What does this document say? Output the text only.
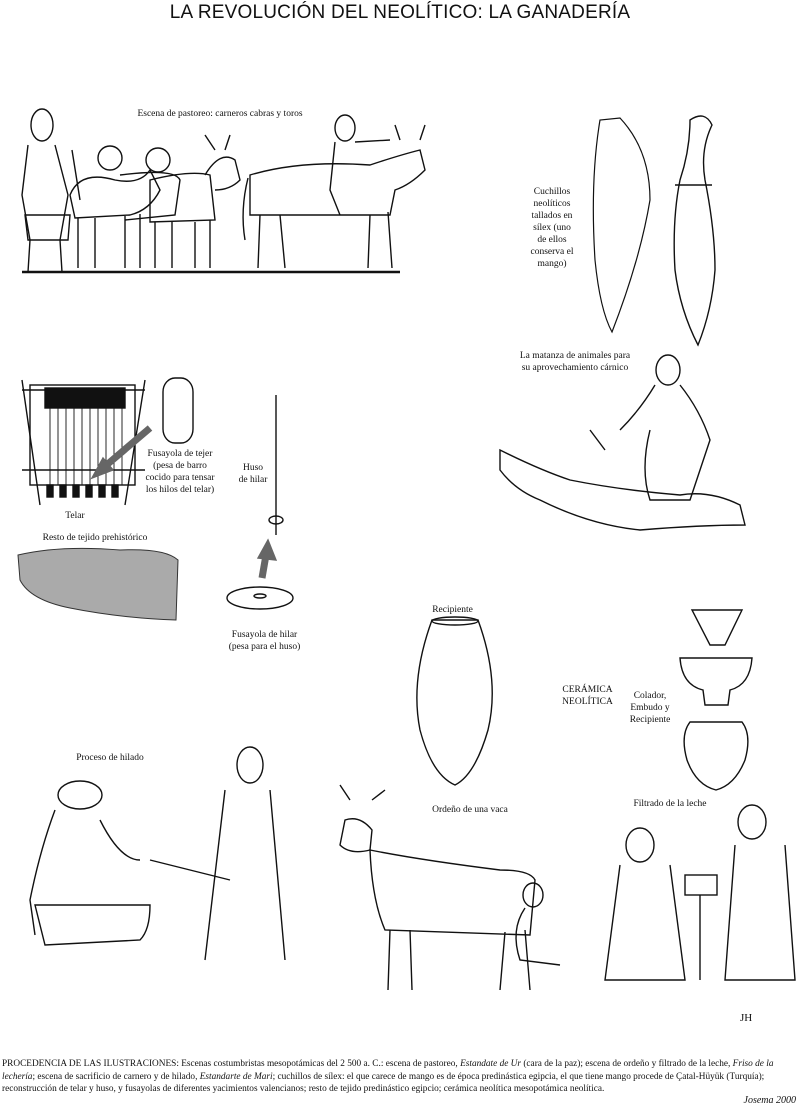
LA REVOLUCIÓN DEL NEOLÍTICO: LA GANADERÍA
Escena de pastoreo: carneros cabras y toros
Cuchillos neolíticos tallados en sílex (uno de ellos conserva el mango)
La matanza de animales para su aprovechamiento cárnico
Fusayola de tejer (pesa de barro cocido para tensar los hilos del telar)
Huso de hilar
Telar
Resto de tejido prehistórico
Fusayola de hilar (pesa para el huso)
Recipiente
CERÁMICA NEOLÍTICA
Colador, Embudo y Recipiente
Proceso de hilado
Ordeño de una vaca
Filtrado de la leche
JH
PROCEDENCIA DE LAS ILUSTRACIONES: Escenas costumbristas mesopotámicas del 2 500 a. C.: escena de pastoreo, Estandate de Ur (cara de la paz); escena de ordeño y filtrado de la leche, Friso de la lechería; escena de sacrificio de carnero y de hilado, Estandarte de Mari; cuchillos de sílex: el que carece de mango es de época predinástica egipcia, el que tiene mango procede de Çatal-Hüyük (Turquía); reconstrucción de telar y huso, y fusayolas de diferentes yacimientos valencianos; resto de tejido predinástico egipcio; cerámica neolítica mesopotámica neolítica.
Josema 2000
